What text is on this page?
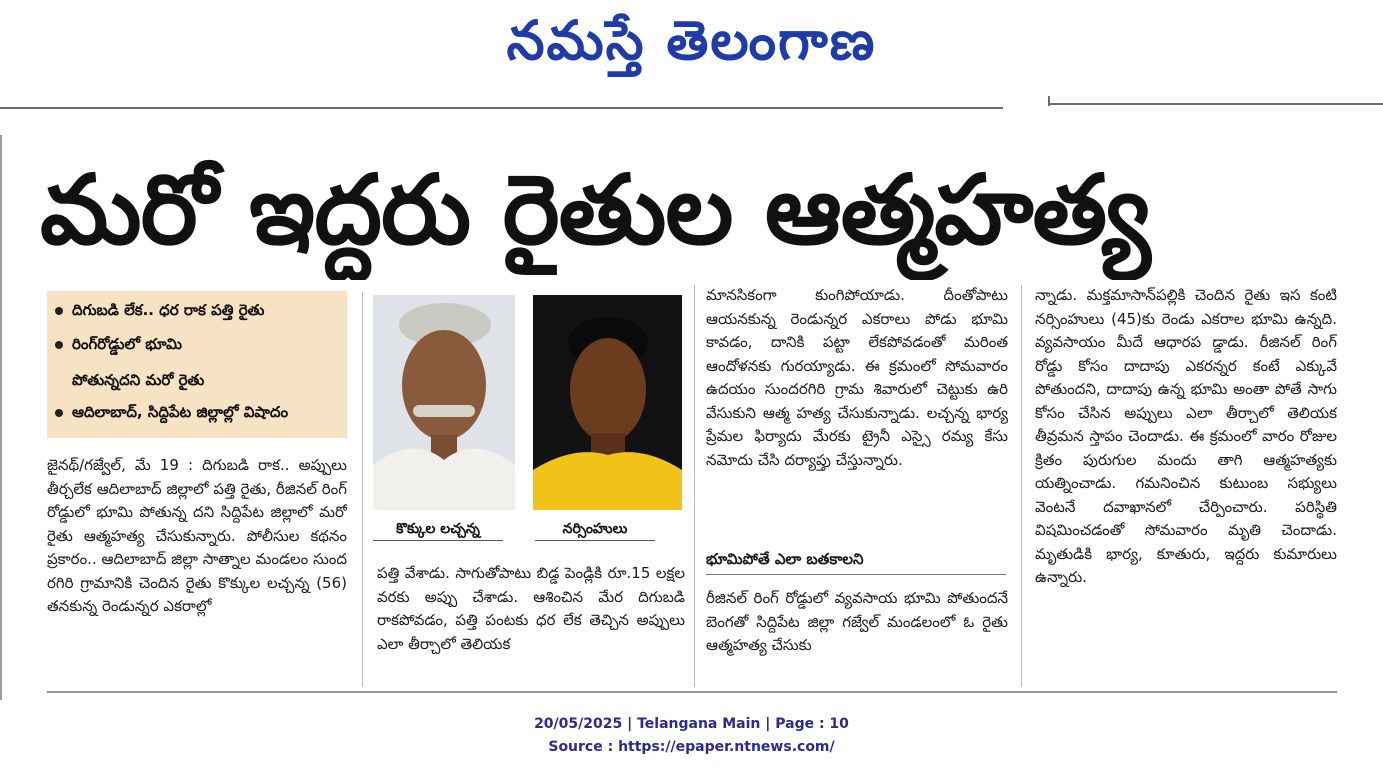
నమస్తే తెలంగాణ
మరో ఇద్దరు రైతుల ఆత్మహత్య
దిగుబడి లేక.. ధర రాక పత్తి రైతు
రింగ్‌రోడ్డులో భూమి
పోతున్నదని మరో రైతు
ఆదిలాబాద్‌, సిద్దిపేట జిల్లాల్లో విషాదం
కొక్కుల లచ్చన్న	నర్సింహులు

జైనథ్‌/గజ్వేల్‌, మే 19 : దిగుబడి రాక.. అప్పులు తీర్చలేక ఆదిలాబాద్‌ జిల్లాలో పత్తి రైతు, రీజినల్‌ రింగ్‌ రోడ్డులో భూమి పోతున్న దని సిద్దిపేట జిల్లాలో మరో రైతు ఆత్మహత్య చేసుకున్నారు. పోలీసుల కథనం ప్రకారం.. ఆదిలాబాద్‌ జిల్లా సాత్నాల మండలం సుంద రగిరి గ్రామానికి చెందిన రైతు కొక్కుల లచ్చన్న (56) తనకున్న రెండున్నర ఎకరాల్లో

పత్తి వేశాడు. సాగుతోపాటు బిడ్డ పెండ్లికి రూ.15 లక్షల వరకు అప్పు చేశాడు. ఆశించిన మేర దిగుబడి రాకపోవడం, పత్తి పంటకు ధర లేక తెచ్చిన అప్పులు ఎలా తీర్చాలో తెలియక

మానసికంగా కుంగిపోయాడు. దీంతోపాటు ఆయనకున్న రెండున్నర ఎకరాలు పోడు భూమి కావడం, దానికి పట్టా లేకపోవడంతో మరింత ఆందోళనకు గురయ్యాడు. ఈ క్రమంలో సోమవారం ఉదయం సుందరగిరి గ్రామ శివారులో చెట్టుకు ఉరి వేసుకుని ఆత్మ హత్య చేసుకున్నాడు. లచ్చన్న భార్య ప్రేమల ఫిర్యాదు మేరకు ట్రైనీ ఎస్సై రమ్య కేసు నమోదు చేసి దర్యాప్తు చేస్తున్నారు.

భూమిపోతే ఎలా బతకాలని

రీజినల్‌ రింగ్‌ రోడ్డులో వ్యవసాయ భూమి పోతుందనే బెంగతో సిద్దిపేట జిల్లా గజ్వేల్‌ మండలంలో ఓ రైతు ఆత్మహత్య చేసుకు

న్నాడు. మక్తమాసాన్‌పల్లికి చెందిన రైతు ఇస కంటి నర్సింహులు (45)కు రెండు ఎకరాల భూమి ఉన్నది. వ్యవసాయం మీదే ఆధారప డ్డాడు. రీజినల్‌ రింగ్‌ రోడ్డు కోసం దాదాపు ఎకరన్నర కంటే ఎక్కువే పోతుందని, దాదాపు ఉన్న భూమి అంతా పోతే సాగు కోసం చేసిన అప్పులు ఎలా తీర్చాలో తెలియక తీవ్రమన స్తాపం చెందాడు. ఈ క్రమంలో వారం రోజుల క్రితం పురుగుల మందు తాగి ఆత్మహత్యకు యత్నించాడు. గమనించిన కుటుంబ సభ్యులు వెంటనే దవాఖానలో చేర్పించారు. పరిస్థితి విషమించడంతో సోమవారం మృతి చెందాడు. మృతుడికి భార్య, కూతురు, ఇద్దరు కుమారులు ఉన్నారు.

20/05/2025 | Telangana Main | Page : 10
Source : https://epaper.ntnews.com/
